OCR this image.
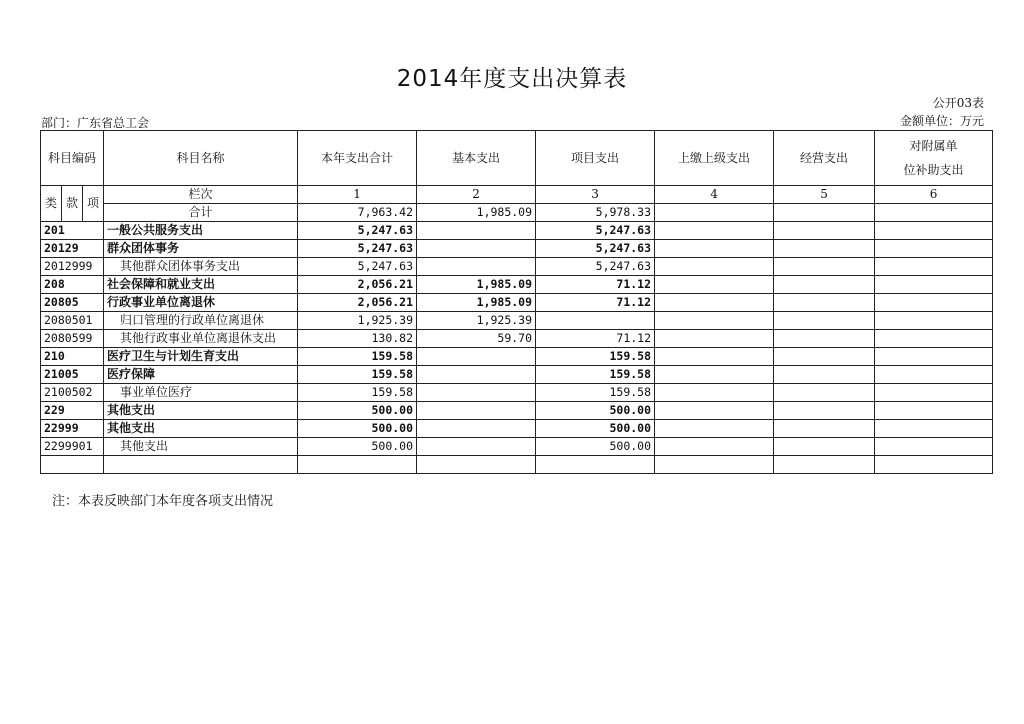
2014年度支出决算表
公开03表
金额单位：万元
部门：广东省总工会
科目编码			科目名称	本年支出合计	基本支出	项目支出	上缴上级支出	经营支出	对附属单
位补助支出

类	款	项	栏次	1	2	3	4	5	6
			合计	7,963.42	1,985.09	5,978.33			
201			一般公共服务支出	5,247.63		5,247.63			
20129			群众团体事务	5,247.63		5,247.63			
2012999			其他群众团体事务支出	5,247.63		5,247.63			
208			社会保障和就业支出	2,056.21	1,985.09	71.12			
20805			行政事业单位离退休	2,056.21	1,985.09	71.12			
2080501			归口管理的行政单位离退休	1,925.39	1,925.39				
2080599			其他行政事业单位离退休支出	130.82	59.70	71.12			
210			医疗卫生与计划生育支出	159.58		159.58			
21005			医疗保障	159.58		159.58			
2100502			事业单位医疗	159.58		159.58			
229			其他支出	500.00		500.00			
22999			其他支出	500.00		500.00			
2299901			其他支出	500.00		500.00			

注：本表反映部门本年度各项支出情况
